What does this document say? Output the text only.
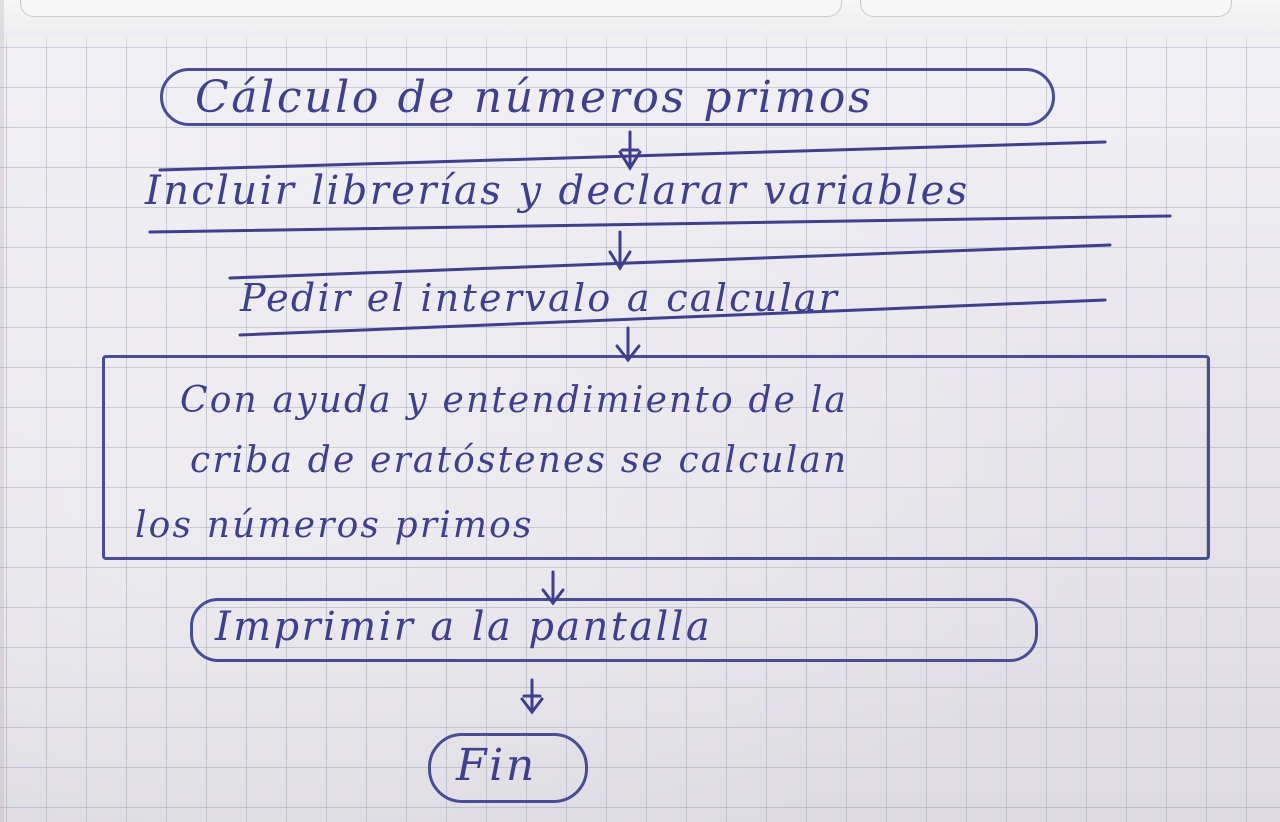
Cálculo de números primos
Incluir librerías y declarar variables
Pedir el intervalo a calcular
Con ayuda y entendimiento de la
criba de eratóstenes se calculan
los números primos
Imprimir a la pantalla
Fin
